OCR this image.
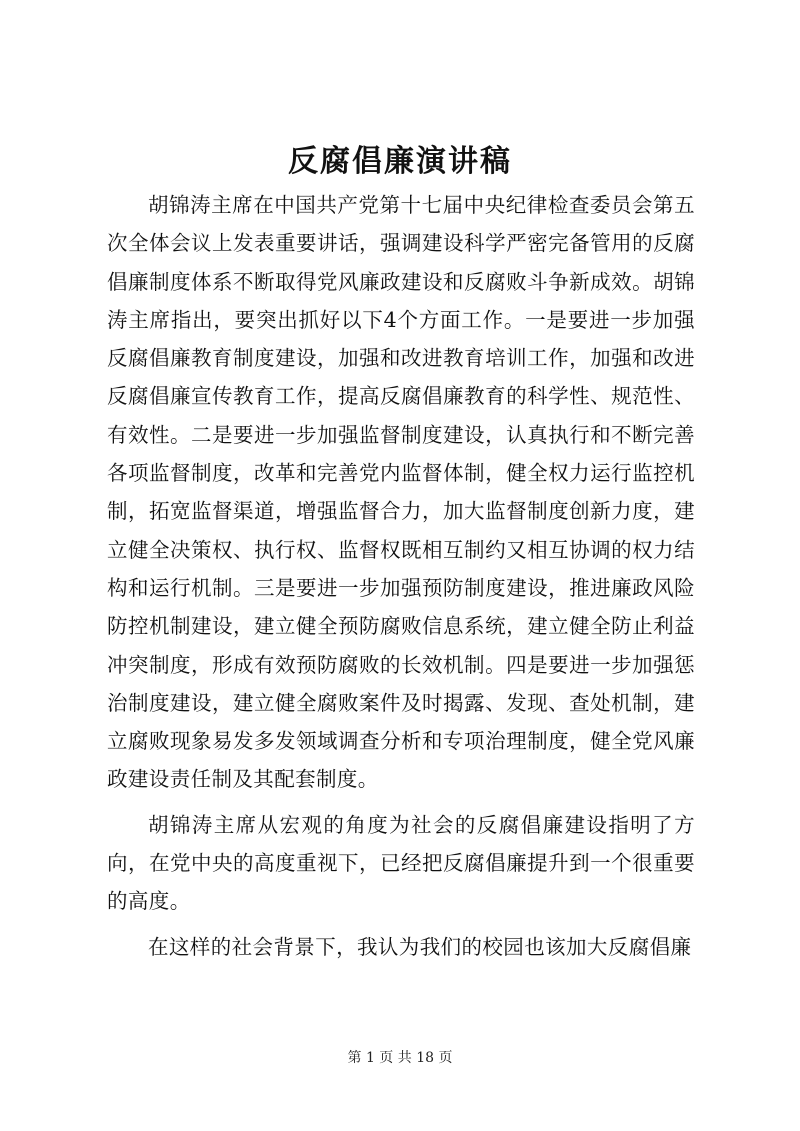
反腐倡廉演讲稿

胡锦涛主席在中国共产党第十七届中央纪律检查委员会第五次全体会议上发表重要讲话，强调建设科学严密完备管用的反腐倡廉制度体系不断取得党风廉政建设和反腐败斗争新成效。胡锦涛主席指出，要突出抓好以下4个方面工作。一是要进一步加强反腐倡廉教育制度建设，加强和改进教育培训工作，加强和改进反腐倡廉宣传教育工作，提高反腐倡廉教育的科学性、规范性、有效性。二是要进一步加强监督制度建设，认真执行和不断完善各项监督制度，改革和完善党内监督体制，健全权力运行监控机制，拓宽监督渠道，增强监督合力，加大监督制度创新力度，建立健全决策权、执行权、监督权既相互制约又相互协调的权力结构和运行机制。三是要进一步加强预防制度建设，推进廉政风险防控机制建设，建立健全预防腐败信息系统，建立健全防止利益冲突制度，形成有效预防腐败的长效机制。四是要进一步加强惩治制度建设，建立健全腐败案件及时揭露、发现、查处机制，建立腐败现象易发多发领域调查分析和专项治理制度，健全党风廉政建设责任制及其配套制度。

胡锦涛主席从宏观的角度为社会的反腐倡廉建设指明了方向，在党中央的高度重视下，已经把反腐倡廉提升到一个很重要的高度。

在这样的社会背景下，我认为我们的校园也该加大反腐倡廉

第 1 页 共 18 页
